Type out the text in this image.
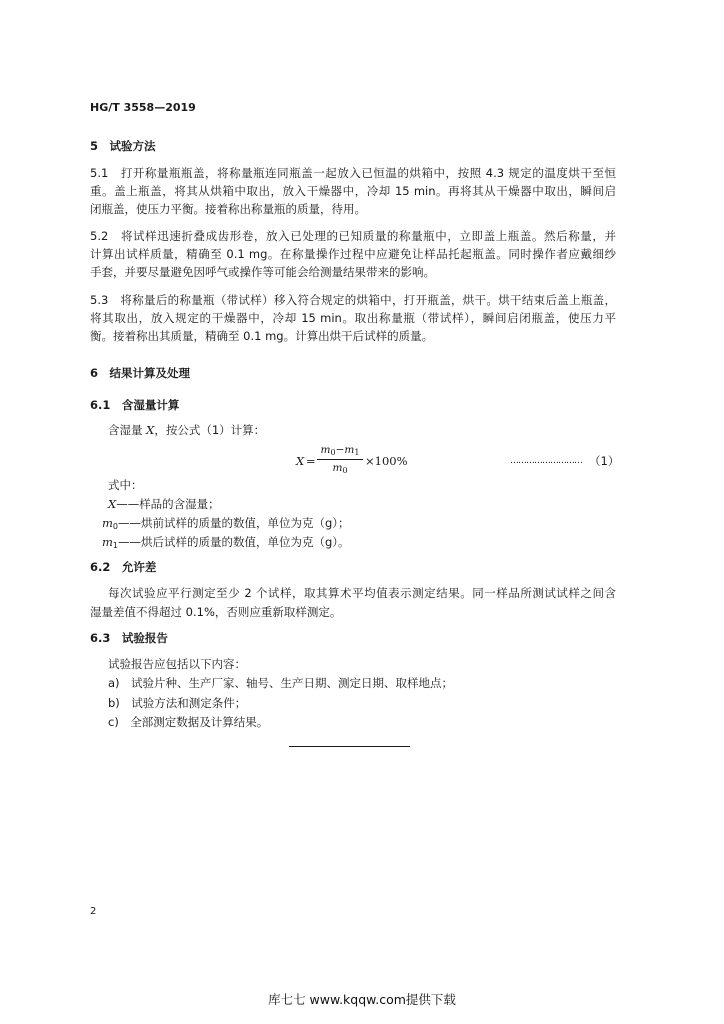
HG/T 3558—2019
5　试验方法
5.1　打开称量瓶瓶盖，将称量瓶连同瓶盖一起放入已恒温的烘箱中，按照 4.3 规定的温度烘干至恒
重。盖上瓶盖，将其从烘箱中取出，放入干燥器中，冷却 15 min。再将其从干燥器中取出，瞬间启
闭瓶盖，使压力平衡。接着称出称量瓶的质量，待用。
5.2　将试样迅速折叠成齿形卷，放入已处理的已知质量的称量瓶中，立即盖上瓶盖。然后称量，并
计算出试样质量，精确至 0.1 mg。在称量操作过程中应避免让样品托起瓶盖。同时操作者应戴细纱
手套，并要尽量避免因呼气或操作等可能会给测量结果带来的影响。
5.3　将称量后的称量瓶（带试样）移入符合规定的烘箱中，打开瓶盖，烘干。烘干结束后盖上瓶盖，
将其取出，放入规定的干燥器中，冷却 15 min。取出称量瓶（带试样），瞬间启闭瓶盖，使压力平
衡。接着称出其质量，精确至 0.1 mg。计算出烘干后试样的质量。
6　结果计算及处理
6.1　含湿量计算
含湿量 X，按公式（1）计算：
X =
$m_0-m_1$
$m_0$
×100%	……………………… （1）
式中：
X——样品的含湿量；
$m_0——$烘前试样的质量的数值，单位为克（g）；
$m_1——$烘后试样的质量的数值，单位为克（g）。
6.2　允许差
每次试验应平行测定至少 2 个试样，取其算术平均值表示测定结果。同一样品所测试试样之间含
湿量差值不得超过 0.1%，否则应重新取样测定。
6.3　试验报告
试验报告应包括以下内容：
a)　试验片种、生产厂家、轴号、生产日期、测定日期、取样地点；
b)　试验方法和测定条件；
c)　全部测定数据及计算结果。
2
库七七 www.kqqw.com提供下载
